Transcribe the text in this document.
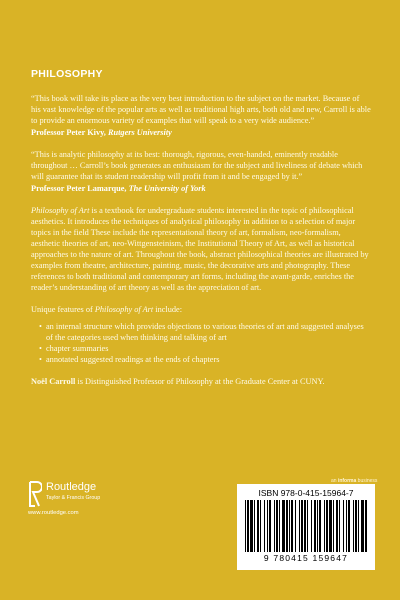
PHILOSOPHY

“This book will take its place as the very best introduction to the subject on the market. Because of his vast knowledge of the popular arts as well as traditional high arts, both old and new, Carroll is able to provide an enormous variety of examples that will speak to a very wide audience.”

Professor Peter Kivy, Rutgers University

“This is analytic philosophy at its best: thorough, rigorous, even-handed, eminently readable throughout … Carroll’s book generates an enthusiasm for the subject and liveliness of debate which will guarantee that its student readership will profit from it and be engaged by it.”

Professor Peter Lamarque, The University of York

Philosophy of Art is a textbook for undergraduate students interested in the topic of philosophical aesthetics. It introduces the techniques of analytical philosophy in addition to a selection of major topics in the field These include the representational theory of art, formalism, neo-formalism, aesthetic theories of art, neo-Wittgensteinism, the Institutional Theory of Art, as well as historical approaches to the nature of art. Throughout the book, abstract philosophical theories are illustrated by examples from theatre, architecture, painting, music, the decorative arts and photography. These references to both traditional and contemporary art forms, including the avant-garde, enriches the reader’s understanding of art theory as well as the appreciation of art.

Unique features of Philosophy of Art include:

• an internal structure which provides objections to various theories of art and suggested analyses of the categories used when thinking and talking of art
• chapter summaries
• annotated suggested readings at the ends of chapters

Noël Carroll is Distinguished Professor of Philosophy at the Graduate Center at CUNY.

an informa business
Routledge
Taylor & Francis Group
www.routledge.com
ISBN 978-0-415-15964-7
9 780415 159647
